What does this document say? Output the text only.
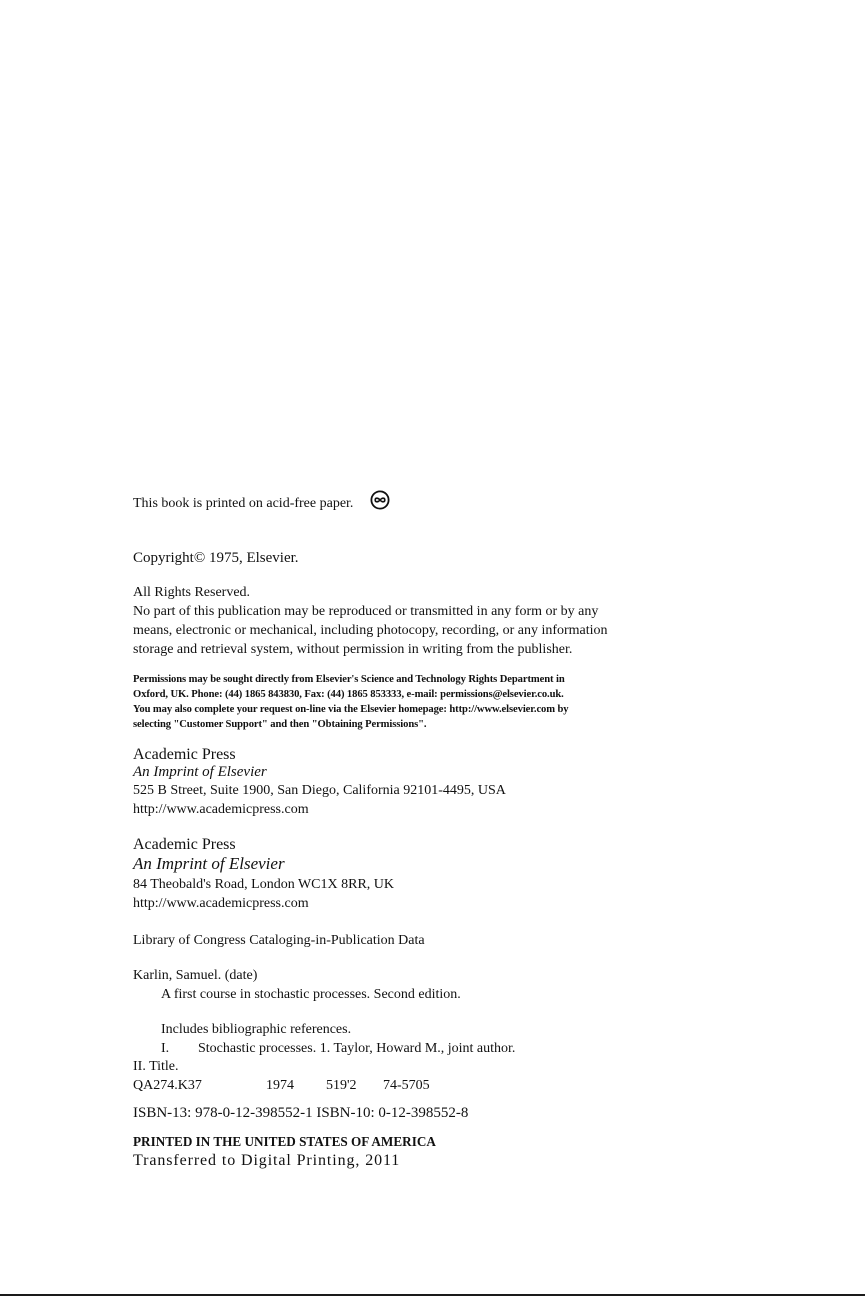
This book is printed on acid-free paper.
Copyright© 1975, Elsevier.
All Rights Reserved.
No part of this publication may be reproduced or transmitted in any form or by any
means, electronic or mechanical, including photocopy, recording, or any information
storage and retrieval system, without permission in writing from the publisher.
Permissions may be sought directly from Elsevier's Science and Technology Rights Department in
Oxford, UK. Phone: (44) 1865 843830, Fax: (44) 1865 853333, e-mail: permissions@elsevier.co.uk.
You may also complete your request on-line via the Elsevier homepage: http://www.elsevier.com by
selecting "Customer Support" and then "Obtaining Permissions".
Academic Press
An Imprint of Elsevier
525 B Street, Suite 1900, San Diego, California 92101-4495, USA
http://www.academicpress.com
Academic Press
An Imprint of Elsevier
84 Theobald's Road, London WC1X 8RR, UK
http://www.academicpress.com
Library of Congress Cataloging-in-Publication Data
Karlin, Samuel. (date)
A first course in stochastic processes. Second edition.
Includes bibliographic references.
I. Stochastic processes. 1. Taylor, Howard M., joint author.
II. Title.
QA274.K37	1974 519'2 74-5705
ISBN-13: 978-0-12-398552-1 ISBN-10: 0-12-398552-8
PRINTED IN THE UNITED STATES OF AMERICA
Transferred to Digital Printing, 2011
